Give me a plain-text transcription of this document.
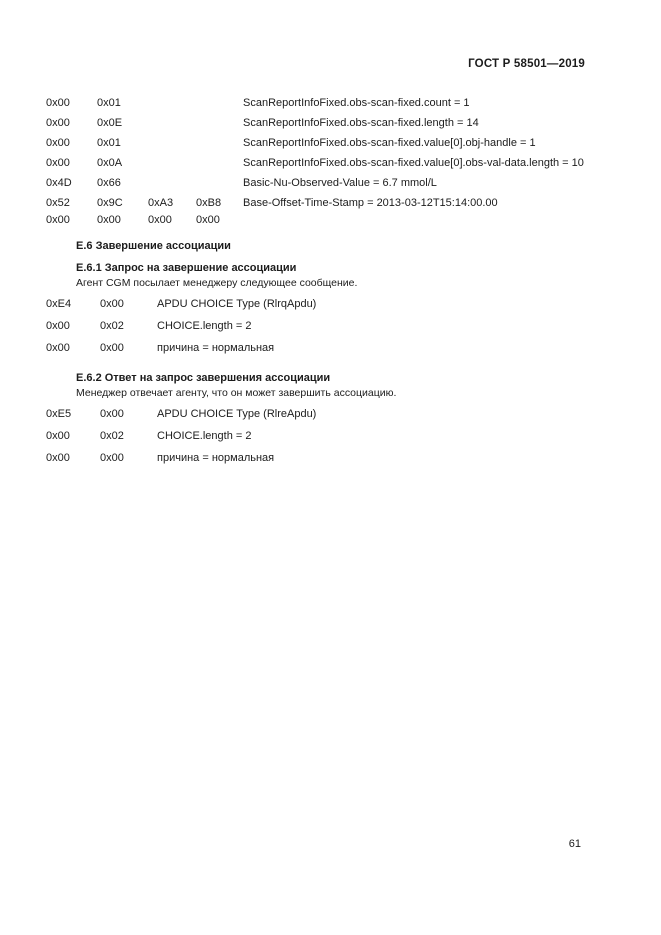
ГОСТ Р 58501—2019
0x00	0x01	ScanReportInfoFixed.obs-scan-fixed.count = 1
0x00	0x0E	ScanReportInfoFixed.obs-scan-fixed.length = 14
0x00	0x01	ScanReportInfoFixed.obs-scan-fixed.value[0].obj-handle = 1
0x00	0x0A	ScanReportInfoFixed.obs-scan-fixed.value[0].obs-val-data.length = 10
0x4D	0x66	Basic-Nu-Observed-Value = 6.7 mmol/L
0x52	0x9C	0xA3	0xB8	Base-Offset-Time-Stamp = 2013-03-12T15:14:00.00
0x00	0x00	0x00	0x00
Е.6 Завершение ассоциации
Е.6.1 Запрос на завершение ассоциации
Агент CGM посылает менеджеру следующее сообщение.
0xE4	0x00	APDU CHOICE Type (RlrqApdu)
0x00	0x02	CHOICE.length = 2
0x00	0x00	причина = нормальная
Е.6.2 Ответ на запрос завершения ассоциации
Менеджер отвечает агенту, что он может завершить ассоциацию.
0xE5	0x00	APDU CHOICE Type (RlreApdu)
0x00	0x02	CHOICE.length = 2
0x00	0x00	причина = нормальная
61
